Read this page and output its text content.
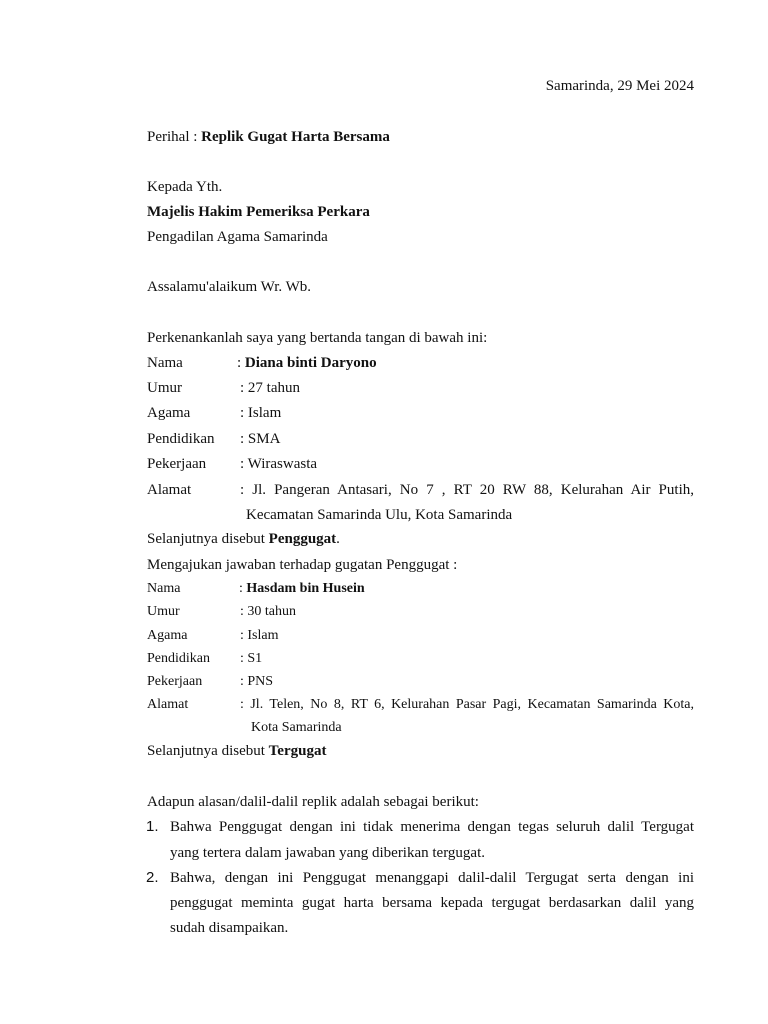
Samarinda, 29 Mei 2024
Perihal : Replik Gugat Harta Bersama
Kepada Yth.
Majelis Hakim Pemeriksa Perkara
Pengadilan Agama Samarinda
Assalamu'alaikum Wr. Wb.
Perkenankanlah saya yang bertanda tangan di bawah ini:
Nama	: Diana binti Daryono
Umur	: 27 tahun
Agama	: Islam
Pendidikan : SMA
Pekerjaan : Wiraswasta
Alamat	: Jl. Pangeran Antasari, No 7 , RT 20 RW 88, Kelurahan Air Putih,
Kecamatan Samarinda Ulu, Kota Samarinda
Selanjutnya disebut Penggugat.
Mengajukan jawaban terhadap gugatan Penggugat :
Nama	: Hasdam bin Husein
Umur	: 30 tahun
Agama	: Islam
Pendidikan : S1
Pekerjaan	: PNS
Alamat	: Jl. Telen, No 8, RT 6, Kelurahan Pasar Pagi, Kecamatan Samarinda Kota,
Kota Samarinda
Selanjutnya disebut Tergugat
Adapun alasan/dalil-dalil replik adalah sebagai berikut:
1. Bahwa Penggugat dengan ini tidak menerima dengan tegas seluruh dalil Tergugat
yang tertera dalam jawaban yang diberikan tergugat.
2. Bahwa, dengan ini Penggugat menanggapi dalil-dalil Tergugat serta dengan ini
penggugat meminta gugat harta bersama kepada tergugat berdasarkan dalil yang
sudah disampaikan.
